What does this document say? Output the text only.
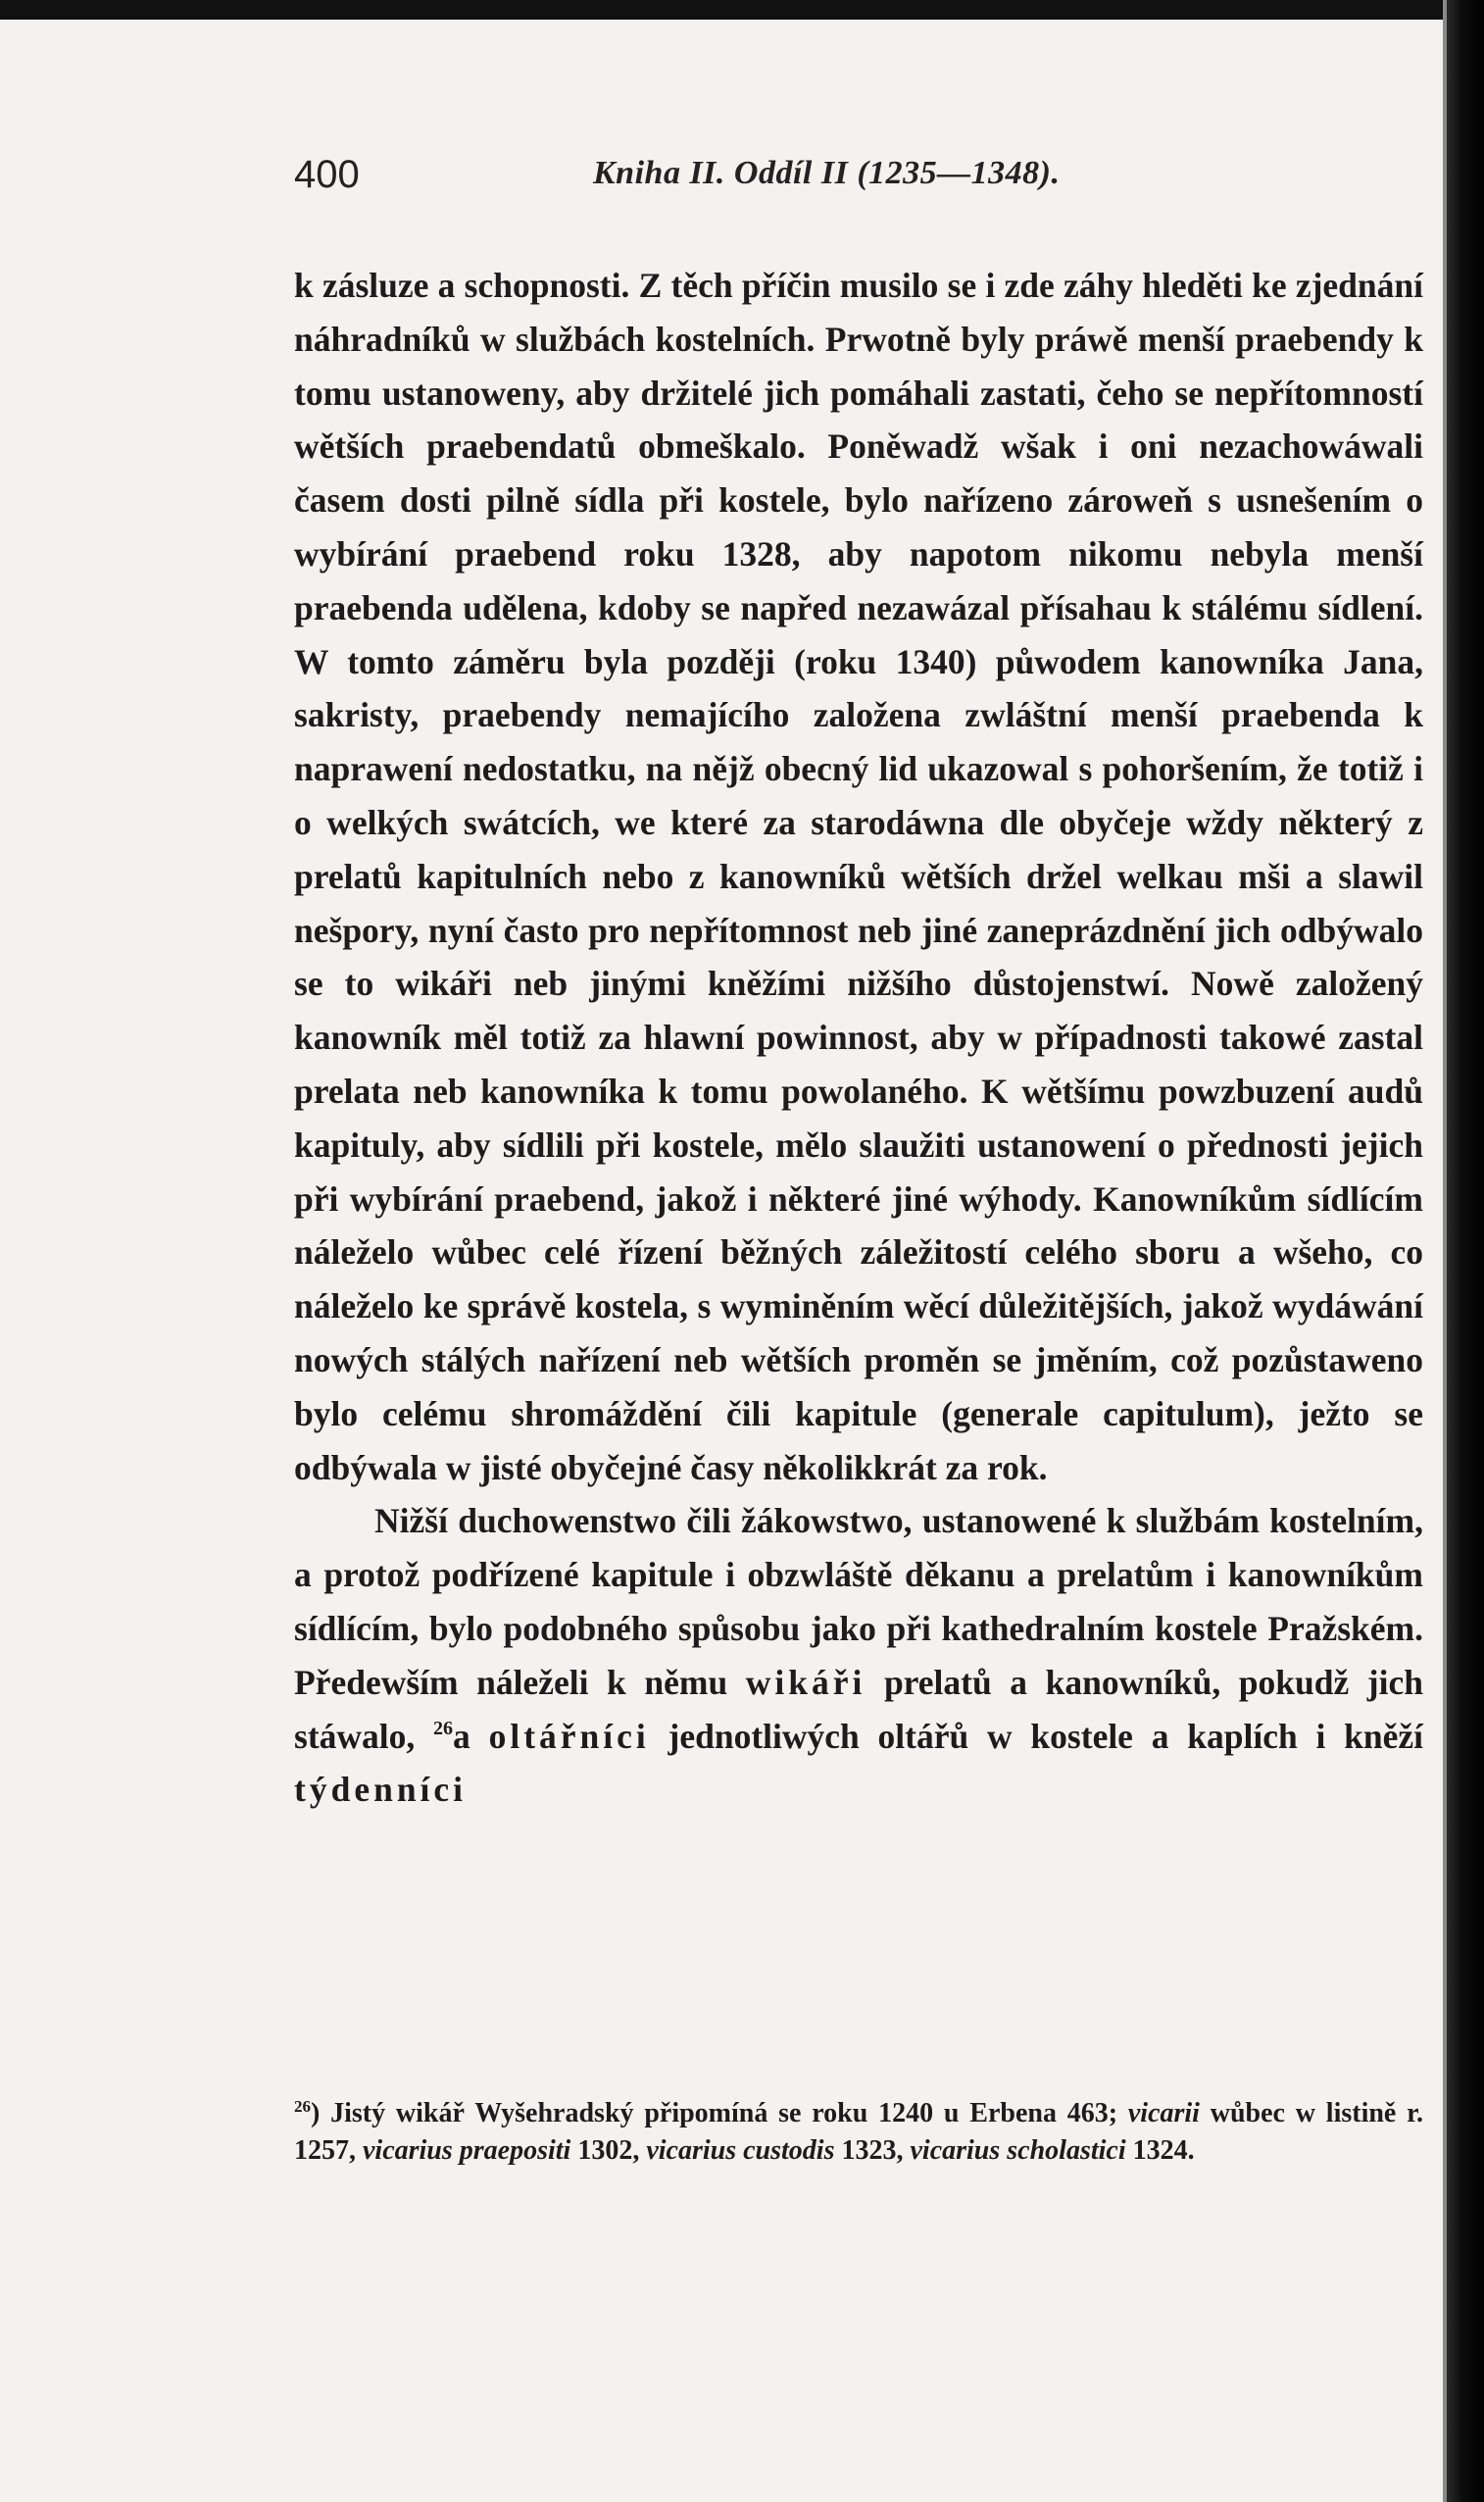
400	Kniha II. Oddíl II (1235—1348).

k zásluze a schopnosti. Z těch příčin musilo se i zde záhy hleděti ke zjednání náhradníků w službách kostelních. Prwotně byly práwě menší praebendy k tomu ustanoweny, aby držitelé jich pomáhali zastati, čeho se nepřítomností wětších praebendatů obmeškalo. Poněwadž wšak i oni nezachowáwali časem dosti pilně sídla při kostele, bylo nařízeno zároweň s usnešením o wybírání praebend roku 1328, aby napotom nikomu nebyla menší praebenda udělena, kdoby se napřed nezawázal přísahau k stálému sídlení. W tomto záměru byla později (roku 1340) půwodem kanowníka Jana, sakristy, praebendy nemajícího založena zwláštní menší praebenda k naprawení nedostatku, na nějž obecný lid ukazowal s pohoršením, že totiž i o welkých swátcích, we které za starodáwna dle obyčeje wždy některý z prelatů kapitulních nebo z kanowníků wětších držel welkau mši a slawil nešpory, nyní často pro nepřítomnost neb jiné zaneprázdnění jich odbýwalo se to wikáři neb jinými kněžími nižšího důstojenstwí. Nowě založený kanowník měl totiž za hlawní powinnost, aby w případnosti takowé zastal prelata neb kanowníka k tomu powolaného. K wětšímu powzbuzení audů kapituly, aby sídlili při kostele, mělo slaužiti ustanowení o přednosti jejich při wybírání praebend, jakož i některé jiné wýhody. Kanowníkům sídlícím náleželo wůbec celé řízení běžných záležitostí celého sboru a wšeho, co náleželo ke správě kostela, s wyminěním wěcí důležitějších, jakož wydáwání nowých stálých nařízení neb wětších proměn se jměním, což pozůstaweno bylo celému shromáždění čili kapitule (generale capitulum), ježto se odbýwala w jisté obyčejné časy několikkrát za rok.

Nižší duchowenstwo čili žákowstwo, ustanowené k službám kostelním, a protož podřízené kapitule i obzwláště děkanu a prelatům i kanowníkům sídlícím, bylo podobného spůsobu jako při kathedralním kostele Pražském. Předewším náleželi k němu wikáři prelatů a kanowníků, pokudž jich stáwalo, $^{26}$a oltářníci jednotliwých oltářů w kostele a kaplích i kněží týdenníci

$^{26}$) Jistý wikář Wyšehradský připomíná se roku 1240 u Erbena 463; vicarii wůbec w listině r. 1257, vicarius praepositi 1302, vicarius custodis 1323, vicarius scholastici 1324.
